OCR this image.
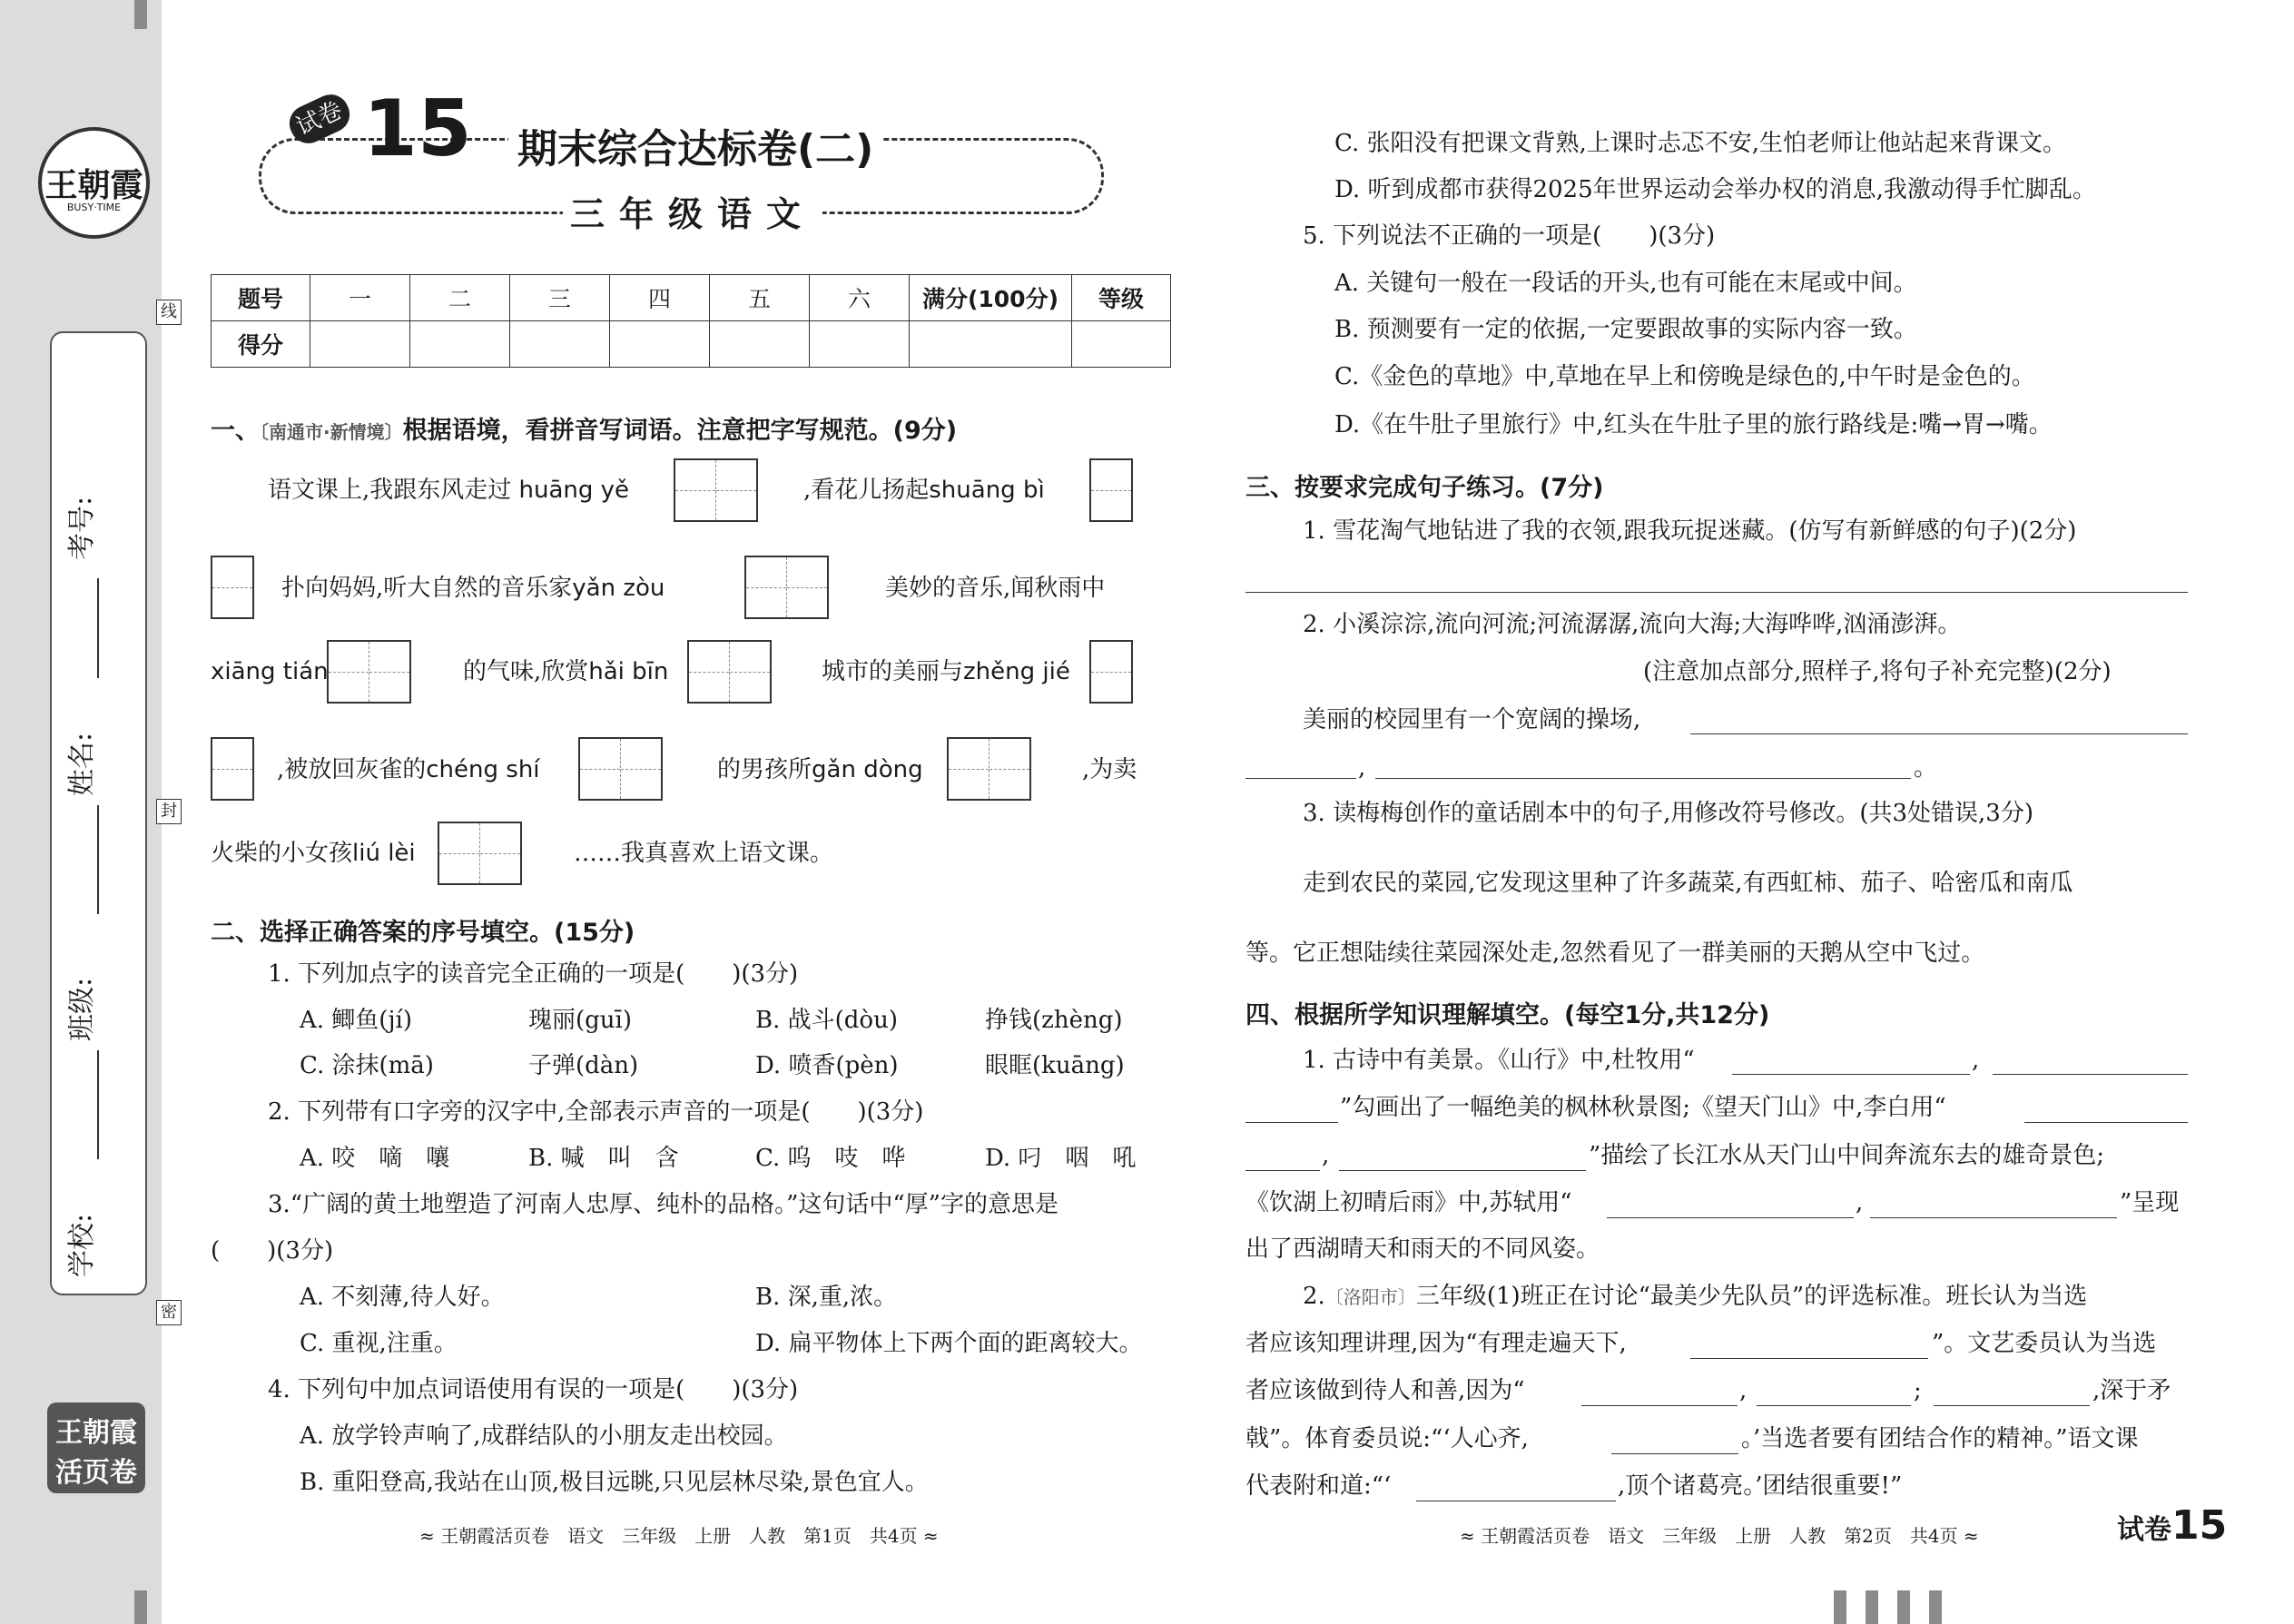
王朝霞
BUSY·TIME
考号:
姓名:
班级:
学校:
线
封
密
王朝霞
活页卷
试卷 15 期末综合达标卷(二)
三年级语文
题号	一	二	三	四	五	六	满分(100分)	等级
得分								
一、〔南通市·新情境〕根据语境，看拼音写词语。注意把字写规范。(9分)
语文课上,我跟东风走过 huāng yě	,看花儿扬起shuāng bì
扑向妈妈,听大自然的音乐家yǎn zòu	美妙的音乐,闻秋雨中
xiāng tián	的气味,欣赏hǎi bīn	城市的美丽与zhěng jié
,被放回灰雀的chéng shí	的男孩所gǎn dòng	,为卖
火柴的小女孩liú lèi	……我真喜欢上语文课。
二、选择正确答案的序号填空。(15分)
1. 下列加点字的读音完全正确的一项是(　　)(3分)
A. 鲫鱼(jí)	瑰丽(guī)	B. 战斗(dòu)	挣钱(zhèng)
C. 涂抹(mā)	子弹(dàn)	D. 喷香(pèn)	眼眶(kuāng)
2. 下列带有口字旁的汉字中,全部表示声音的一项是(　　)(3分)
A. 咬　嘀　嚷	B. 喊　叫　含	C. 呜　吱　哗	D. 叼　咽　吼
3.“广阔的黄土地塑造了河南人忠厚、纯朴的品格。”这句话中“厚”字的意思是
(　　)(3分)
A. 不刻薄,待人好。	B. 深,重,浓。
C. 重视,注重。	D. 扁平物体上下两个面的距离较大。
4. 下列句中加点词语使用有误的一项是(　　)(3分)
A. 放学铃声响了,成群结队的小朋友走出校园。
B. 重阳登高,我站在山顶,极目远眺,只见层林尽染,景色宜人。
≈ 王朝霞活页卷　语文　三年级　上册　人教　第1页　共4页 ≈
C. 张阳没有把课文背熟,上课时忐忑不安,生怕老师让他站起来背课文。
D. 听到成都市获得2025年世界运动会举办权的消息,我激动得手忙脚乱。
5. 下列说法不正确的一项是(　　)(3分)
A. 关键句一般在一段话的开头,也有可能在末尾或中间。
B. 预测要有一定的依据,一定要跟故事的实际内容一致。
C.《金色的草地》中,草地在早上和傍晚是绿色的,中午时是金色的。
D.《在牛肚子里旅行》中,红头在牛肚子里的旅行路线是:嘴→胃→嘴。
三、按要求完成句子练习。(7分)
1. 雪花淘气地钻进了我的衣领,跟我玩捉迷藏。(仿写有新鲜感的句子)(2分)
2. 小溪淙淙,流向河流;河流潺潺,流向大海;大海哗哗,汹涌澎湃。
(注意加点部分,照样子,将句子补充完整)(2分)
美丽的校园里有一个宽阔的操场,
,	。
3. 读梅梅创作的童话剧本中的句子,用修改符号修改。(共3处错误,3分)
走到农民的菜园,它发现这里种了许多蔬菜,有西虹柿、茄子、哈密瓜和南瓜
等。它正想陆续往菜园深处走,忽然看见了一群美丽的天鹅从空中飞过。
四、根据所学知识理解填空。(每空1分,共12分)
1. 古诗中有美景。《山行》中,杜牧用“	,
”勾画出了一幅绝美的枫林秋景图;《望天门山》中,李白用“
,	”描绘了长江水从天门山中间奔流东去的雄奇景色;
《饮湖上初晴后雨》中,苏轼用“	,	”呈现
出了西湖晴天和雨天的不同风姿。
2.〔洛阳市〕三年级(1)班正在讨论“最美少先队员”的评选标准。班长认为当选
者应该知理讲理,因为“有理走遍天下,	”。文艺委员认为当选
者应该做到待人和善,因为“	,	;	,深于矛
戟”。体育委员说:“‘人心齐,	。’当选者要有团结合作的精神。”语文课
代表附和道:“‘	,顶个诸葛亮。’团结很重要!”
≈ 王朝霞活页卷　语文　三年级　上册　人教　第2页　共4页 ≈	试卷15
